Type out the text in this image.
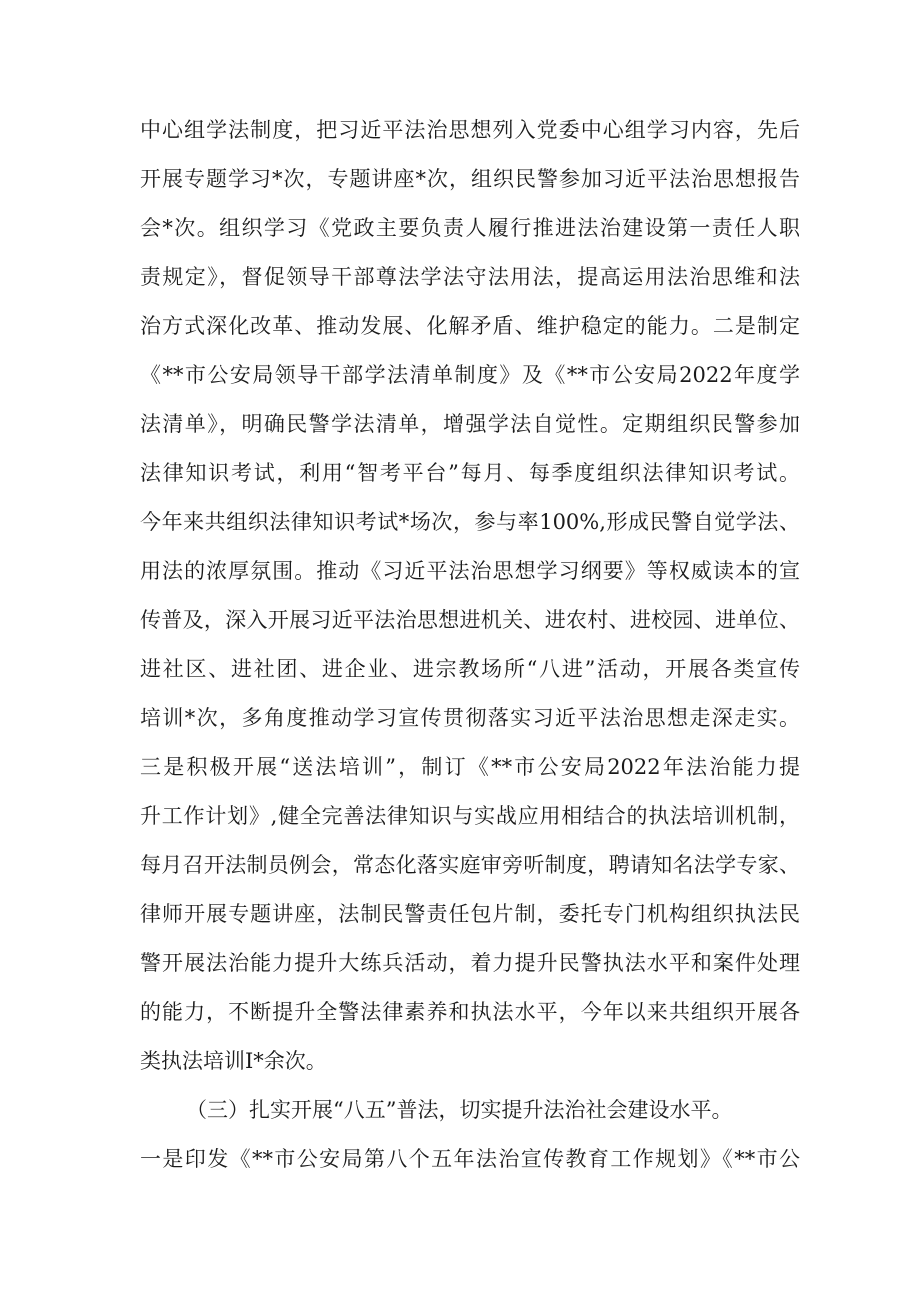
中心组学法制度，把习近平法治思想列入党委中心组学习内容，先后
开展专题学习*次，专题讲座*次，组织民警参加习近平法治思想报告
会*次。组织学习《党政主要负责人履行推进法治建设第一责任人职
责规定》，督促领导干部尊法学法守法用法，提高运用法治思维和法
治方式深化改革、推动发展、化解矛盾、维护稳定的能力。二是制定
《**市公安局领导干部学法清单制度》及《**市公安局2022年度学
法清单》，明确民警学法清单，增强学法自觉性。定期组织民警参加
法律知识考试，利用“智考平台”每月、每季度组织法律知识考试。
今年来共组织法律知识考试*场次，参与率100%,形成民警自觉学法、
用法的浓厚氛围。推动《习近平法治思想学习纲要》等权威读本的宣
传普及，深入开展习近平法治思想进机关、进农村、进校园、进单位、
进社区、进社团、进企业、进宗教场所“八进”活动，开展各类宣传
培训*次，多角度推动学习宣传贯彻落实习近平法治思想走深走实。
三是积极开展“送法培训”，制订《**市公安局2022年法治能力提
升工作计划》,健全完善法律知识与实战应用相结合的执法培训机制，
每月召开法制员例会，常态化落实庭审旁听制度，聘请知名法学专家、
律师开展专题讲座，法制民警责任包片制，委托专门机构组织执法民
警开展法治能力提升大练兵活动，着力提升民警执法水平和案件处理
的能力，不断提升全警法律素养和执法水平，今年以来共组织开展各
类执法培训I*余次。
（三）扎实开展“八五”普法，切实提升法治社会建设水平。
一是印发《**市公安局第八个五年法治宣传教育工作规划》《**市公
